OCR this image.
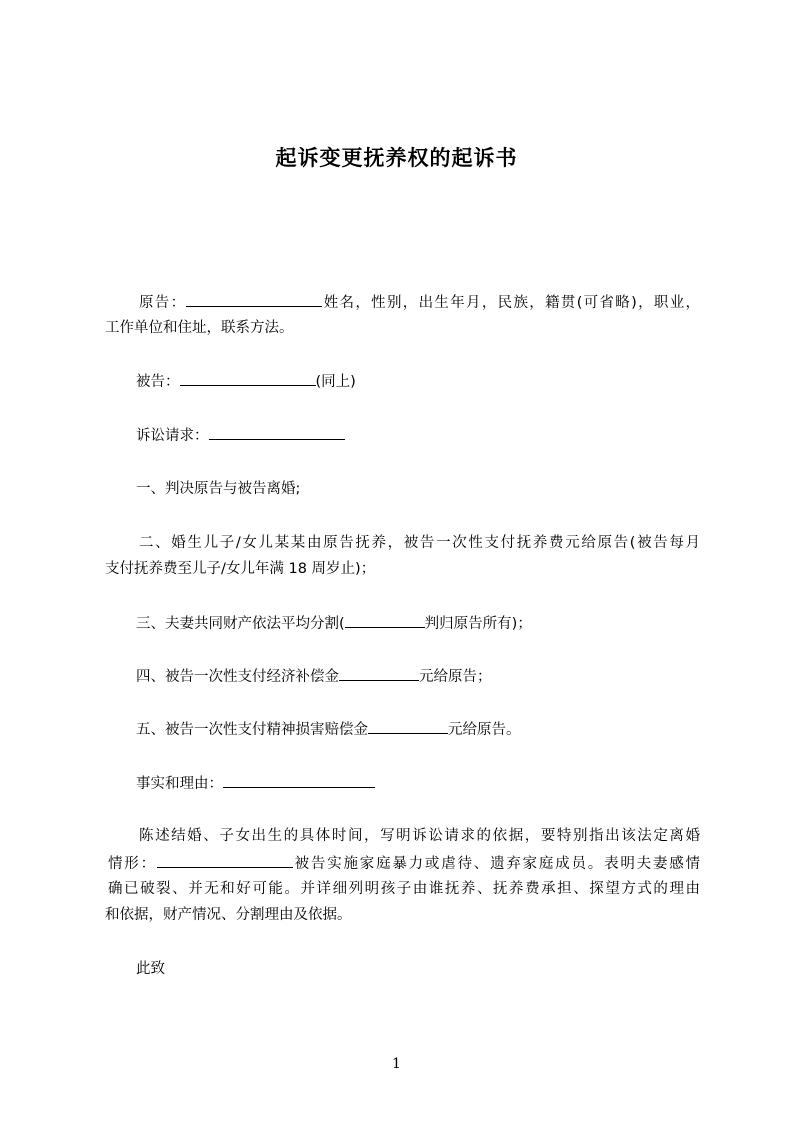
起诉变更抚养权的起诉书

原告：	姓名，性别，出生年月，民族，籍贯(可省略)，职业，

工作单位和住址，联系方法。

被告：	(同上)

诉讼请求：

一、判决原告与被告离婚;

二、婚生儿子/女儿某某由原告抚养，被告一次性支付抚养费元给原告(被告每月

支付抚养费至儿子/女儿年满 18 周岁止)；

三、夫妻共同财产依法平均分割(	判归原告所有)；

四、被告一次性支付经济补偿金	元给原告；

五、被告一次性支付精神损害赔偿金	元给原告。

事实和理由：

陈述结婚、子女出生的具体时间，写明诉讼请求的依据，要特别指出该法定离婚

情形：	被告实施家庭暴力或虐待、遗弃家庭成员。表明夫妻感情

确已破裂、并无和好可能。并详细列明孩子由谁抚养、抚养费承担、探望方式的理由

和依据，财产情况、分割理由及依据。

此致

1
